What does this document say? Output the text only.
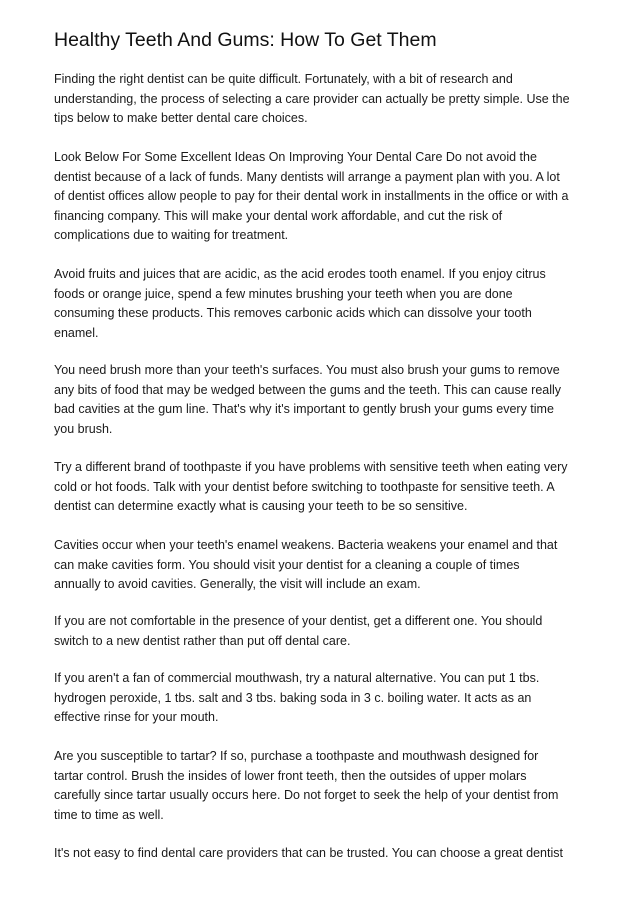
Healthy Teeth And Gums: How To Get Them

Finding the right dentist can be quite difficult. Fortunately, with a bit of research and
understanding, the process of selecting a care provider can actually be pretty simple. Use the
tips below to make better dental care choices.

Look Below For Some Excellent Ideas On Improving Your Dental Care Do not avoid the
dentist because of a lack of funds. Many dentists will arrange a payment plan with you. A lot
of dentist offices allow people to pay for their dental work in installments in the office or with a
financing company. This will make your dental work affordable, and cut the risk of
complications due to waiting for treatment.

Avoid fruits and juices that are acidic, as the acid erodes tooth enamel. If you enjoy citrus
foods or orange juice, spend a few minutes brushing your teeth when you are done
consuming these products. This removes carbonic acids which can dissolve your tooth
enamel.

You need brush more than your teeth's surfaces. You must also brush your gums to remove
any bits of food that may be wedged between the gums and the teeth. This can cause really
bad cavities at the gum line. That's why it's important to gently brush your gums every time
you brush.

Try a different brand of toothpaste if you have problems with sensitive teeth when eating very
cold or hot foods. Talk with your dentist before switching to toothpaste for sensitive teeth. A
dentist can determine exactly what is causing your teeth to be so sensitive.

Cavities occur when your teeth's enamel weakens. Bacteria weakens your enamel and that
can make cavities form. You should visit your dentist for a cleaning a couple of times
annually to avoid cavities. Generally, the visit will include an exam.

If you are not comfortable in the presence of your dentist, get a different one. You should
switch to a new dentist rather than put off dental care.

If you aren't a fan of commercial mouthwash, try a natural alternative. You can put 1 tbs.
hydrogen peroxide, 1 tbs. salt and 3 tbs. baking soda in 3 c. boiling water. It acts as an
effective rinse for your mouth.

Are you susceptible to tartar? If so, purchase a toothpaste and mouthwash designed for
tartar control. Brush the insides of lower front teeth, then the outsides of upper molars
carefully since tartar usually occurs here. Do not forget to seek the help of your dentist from
time to time as well.

It's not easy to find dental care providers that can be trusted. You can choose a great dentist
